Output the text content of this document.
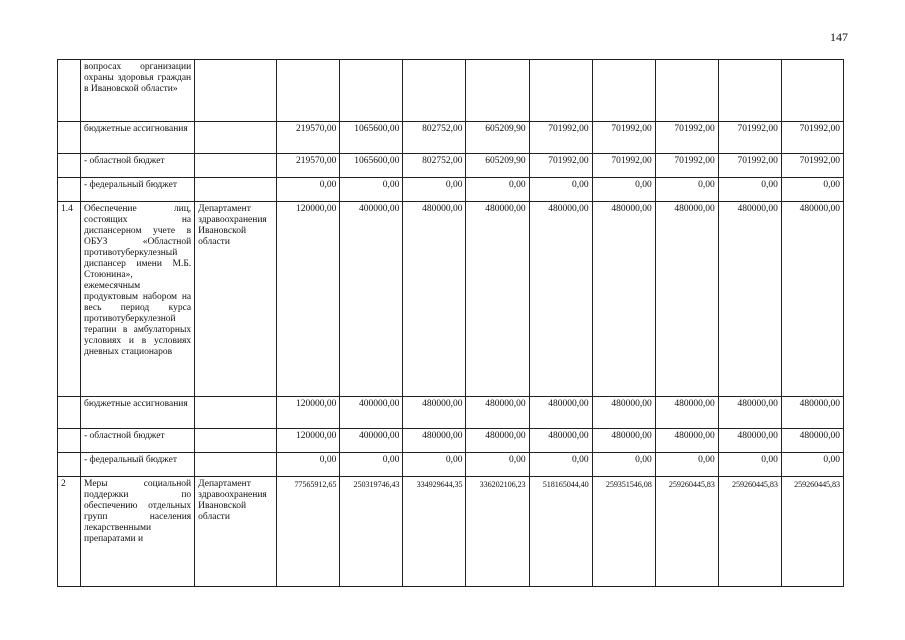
147
	вопросах организации охраны здоровья граждан в Ивановской области»										
	бюджетные ассигнования		219570,00	1065600,00	802752,00	605209,90	701992,00	701992,00	701992,00	701992,00	701992,00
	- областной бюджет		219570,00	1065600,00	802752,00	605209,90	701992,00	701992,00	701992,00	701992,00	701992,00
	- федеральный бюджет		0,00	0,00	0,00	0,00	0,00	0,00	0,00	0,00	0,00
1.4	Обеспечение лиц, состоящих на диспансерном учете в ОБУЗ «Областной противотуберкулезный диспансер имени М.Б. Стоюнина», ежемесячным продуктовым набором на весь период курса противотуберкулезной терапии в амбулаторных условиях и в условиях дневных стационаров	Департамент здравоохранения Ивановской области	120000,00	400000,00	480000,00	480000,00	480000,00	480000,00	480000,00	480000,00	480000,00
	бюджетные ассигнования		120000,00	400000,00	480000,00	480000,00	480000,00	480000,00	480000,00	480000,00	480000,00
	- областной бюджет		120000,00	400000,00	480000,00	480000,00	480000,00	480000,00	480000,00	480000,00	480000,00
	- федеральный бюджет		0,00	0,00	0,00	0,00	0,00	0,00	0,00	0,00	0,00
2	Меры социальной поддержки по обеспечению отдельных групп населения лекарственными препаратами и	Департамент здравоохранения Ивановской области	77565912,65	250319746,43	334929644,35	336202106,23	518165044,40	259351546,08	259260445,83	259260445,83	259260445,83
